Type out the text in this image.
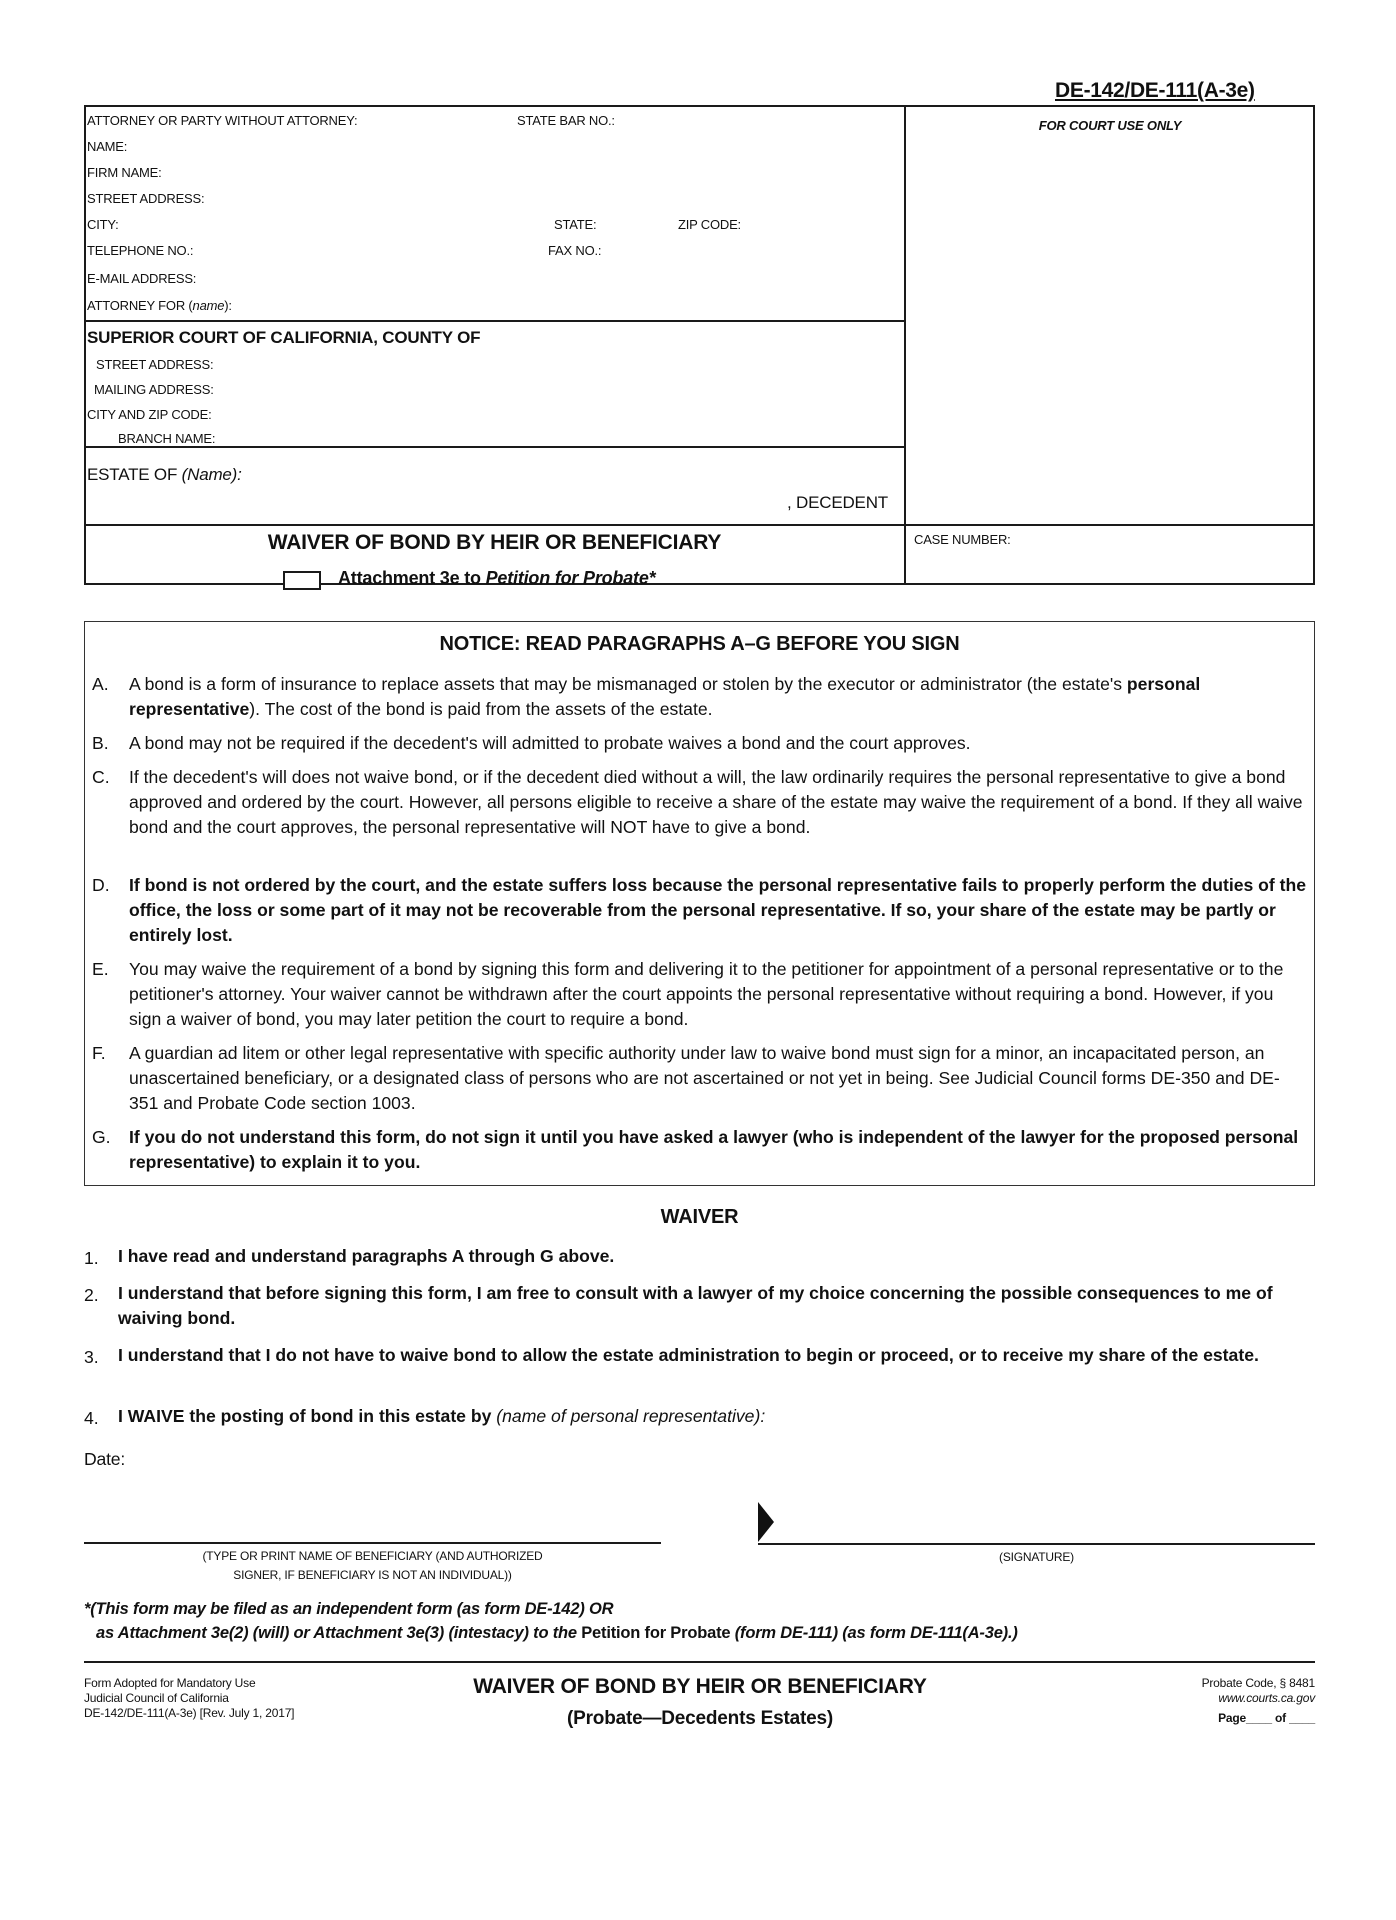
DE-142/DE-111(A-3e)
ATTORNEY OR PARTY WITHOUT ATTORNEY:	STATE BAR NO.:
NAME:
FIRM NAME:
STREET ADDRESS:
CITY:	STATE:	ZIP CODE:
TELEPHONE NO.:	FAX NO.:
E-MAIL ADDRESS:
ATTORNEY FOR (name):
SUPERIOR COURT OF CALIFORNIA, COUNTY OF
STREET ADDRESS:
MAILING ADDRESS:
CITY AND ZIP CODE:
BRANCH NAME:
ESTATE OF (Name):
, DECEDENT
WAIVER OF BOND BY HEIR OR BENEFICIARY
Attachment 3e to Petition for Probate*
FOR COURT USE ONLY
CASE NUMBER:
NOTICE: READ PARAGRAPHS A–G BEFORE YOU SIGN
A. A bond is a form of insurance to replace assets that may be mismanaged or stolen by the executor or administrator (the estate's personal representative). The cost of the bond is paid from the assets of the estate.
B. A bond may not be required if the decedent's will admitted to probate waives a bond and the court approves.
C. If the decedent's will does not waive bond, or if the decedent died without a will, the law ordinarily requires the personal representative to give a bond approved and ordered by the court. However, all persons eligible to receive a share of the estate may waive the requirement of a bond. If they all waive bond and the court approves, the personal representative will NOT have to give a bond.
D. If bond is not ordered by the court, and the estate suffers loss because the personal representative fails to properly perform the duties of the office, the loss or some part of it may not be recoverable from the personal representative. If so, your share of the estate may be partly or entirely lost.
E. You may waive the requirement of a bond by signing this form and delivering it to the petitioner for appointment of a personal representative or to the petitioner's attorney. Your waiver cannot be withdrawn after the court appoints the personal representative without requiring a bond. However, if you sign a waiver of bond, you may later petition the court to require a bond.
F. A guardian ad litem or other legal representative with specific authority under law to waive bond must sign for a minor, an incapacitated person, an unascertained beneficiary, or a designated class of persons who are not ascertained or not yet in being. See Judicial Council forms DE-350 and DE-351 and Probate Code section 1003.
G. If you do not understand this form, do not sign it until you have asked a lawyer (who is independent of the lawyer for the proposed personal representative) to explain it to you.
WAIVER
1. I have read and understand paragraphs A through G above.
2. I understand that before signing this form, I am free to consult with a lawyer of my choice concerning the possible consequences to me of waiving bond.
3. I understand that I do not have to waive bond to allow the estate administration to begin or proceed, or to receive my share of the estate.
4. I WAIVE the posting of bond in this estate by (name of personal representative):
Date:
(TYPE OR PRINT NAME OF BENEFICIARY (AND AUTHORIZED
SIGNER, IF BENEFICIARY IS NOT AN INDIVIDUAL))
(SIGNATURE)
*(This form may be filed as an independent form (as form DE-142) OR
as Attachment 3e(2) (will) or Attachment 3e(3) (intestacy) to the Petition for Probate (form DE-111) (as form DE-111(A-3e).)
Form Adopted for Mandatory Use
Judicial Council of California
DE-142/DE-111(A-3e) [Rev. July 1, 2017]
WAIVER OF BOND BY HEIR OR BENEFICIARY
(Probate—Decedents Estates)
Probate Code, § 8481
www.courts.ca.gov
Page____ of ____
